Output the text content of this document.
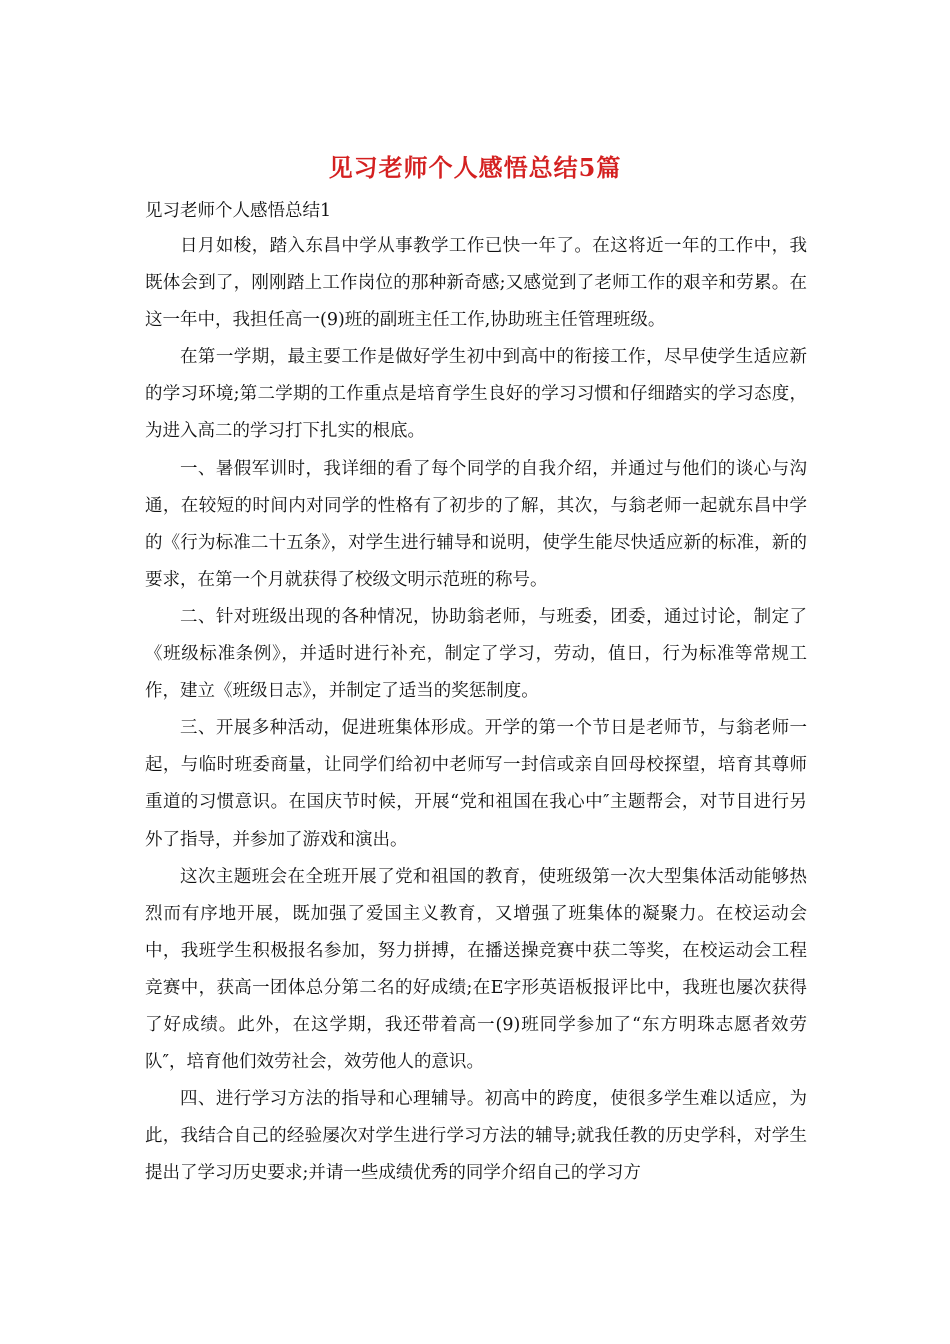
见习老师个人感悟总结5篇

见习老师个人感悟总结1

日月如梭，踏入东昌中学从事教学工作已快一年了。在这将近一年的工作中，我既体会到了，刚刚踏上工作岗位的那种新奇感;又感觉到了老师工作的艰辛和劳累。在这一年中，我担任高一(9)班的副班主任工作,协助班主任管理班级。

在第一学期，最主要工作是做好学生初中到高中的衔接工作，尽早使学生适应新的学习环境;第二学期的工作重点是培育学生良好的学习习惯和仔细踏实的学习态度，为进入高二的学习打下扎实的根底。

一、暑假军训时，我详细的看了每个同学的自我介绍，并通过与他们的谈心与沟通，在较短的时间内对同学的性格有了初步的了解，其次，与翁老师一起就东昌中学的《行为标准二十五条》，对学生进行辅导和说明，使学生能尽快适应新的标准，新的要求，在第一个月就获得了校级文明示范班的称号。

二、针对班级出现的各种情况，协助翁老师，与班委，团委，通过讨论，制定了《班级标准条例》，并适时进行补充，制定了学习，劳动，值日，行为标准等常规工作，建立《班级日志》，并制定了适当的奖惩制度。

三、开展多种活动，促进班集体形成。开学的第一个节日是老师节，与翁老师一起，与临时班委商量，让同学们给初中老师写一封信或亲自回母校探望，培育其尊师重道的习惯意识。在国庆节时候，开展“党和祖国在我心中″主题帮会，对节目进行另外了指导，并参加了游戏和演出。

这次主题班会在全班开展了党和祖国的教育，使班级第一次大型集体活动能够热烈而有序地开展，既加强了爱国主义教育，又增强了班集体的凝聚力。在校运动会中，我班学生积极报名参加，努力拼搏，在播送操竞赛中获二等奖，在校运动会工程竞赛中，获高一团体总分第二名的好成绩;在E字形英语板报评比中，我班也屡次获得了好成绩。此外，在这学期，我还带着高一(9)班同学参加了“东方明珠志愿者效劳队″，培育他们效劳社会，效劳他人的意识。

四、进行学习方法的指导和心理辅导。初高中的跨度，使很多学生难以适应，为此，我结合自己的经验屡次对学生进行学习方法的辅导;就我任教的历史学科，对学生提出了学习历史要求;并请一些成绩优秀的同学介绍自己的学习方
